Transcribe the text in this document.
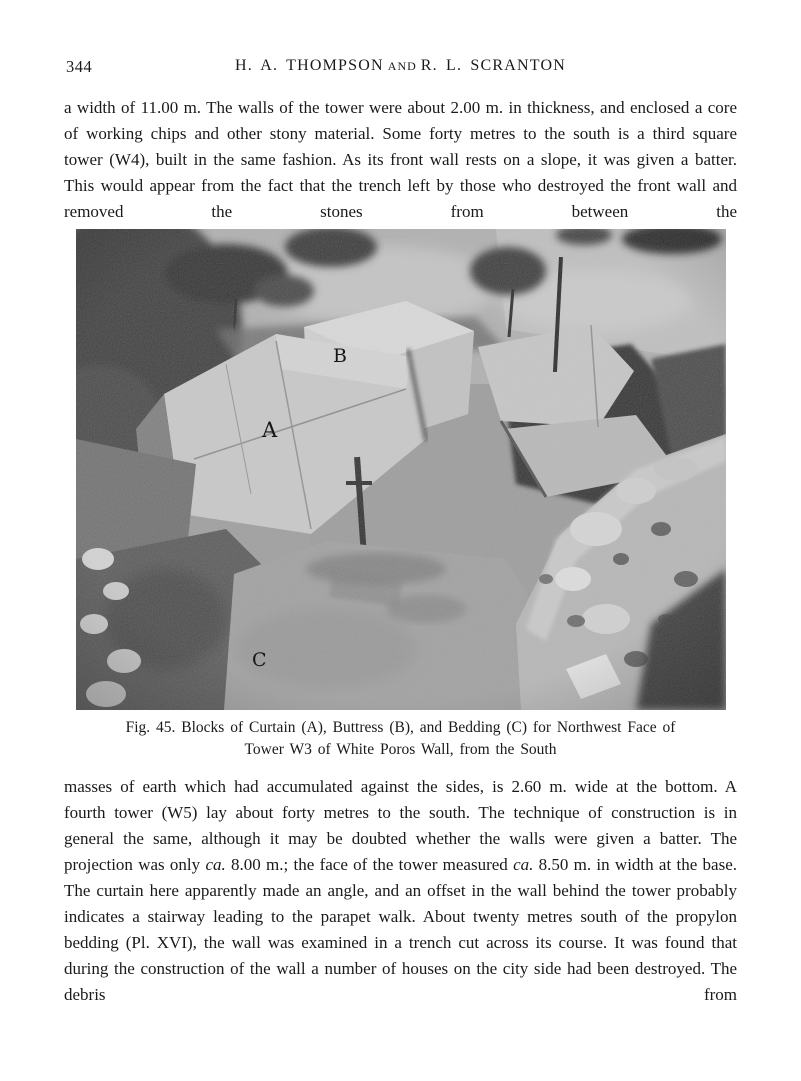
344	H. A. THOMPSON AND R. L. SCRANTON

a width of 11.00 m. The walls of the tower were about 2.00 m. in thickness, and enclosed a core of working chips and other stony material. Some forty metres to the south is a third square tower (W4), built in the same fashion. As its front wall rests on a slope, it was given a batter. This would appear from the fact that the trench left by those who destroyed the front wall and removed the stones from between the

A
B
C
Fig. 45. Blocks of Curtain (A), Buttress (B), and Bedding (C) for Northwest Face of
Tower W3 of White Poros Wall, from the South

masses of earth which had accumulated against the sides, is 2.60 m. wide at the bottom. A fourth tower (W5) lay about forty metres to the south. The technique of construction is in general the same, although it may be doubted whether the walls were given a batter. The projection was only ca. 8.00 m.; the face of the tower measured ca. 8.50 m. in width at the base. The curtain here apparently made an angle, and an offset in the wall behind the tower probably indicates a stairway leading to the parapet walk. About twenty metres south of the propylon bedding (Pl. XVI), the wall was examined in a trench cut across its course. It was found that during the construction of the wall a number of houses on the city side had been destroyed. The debris from
